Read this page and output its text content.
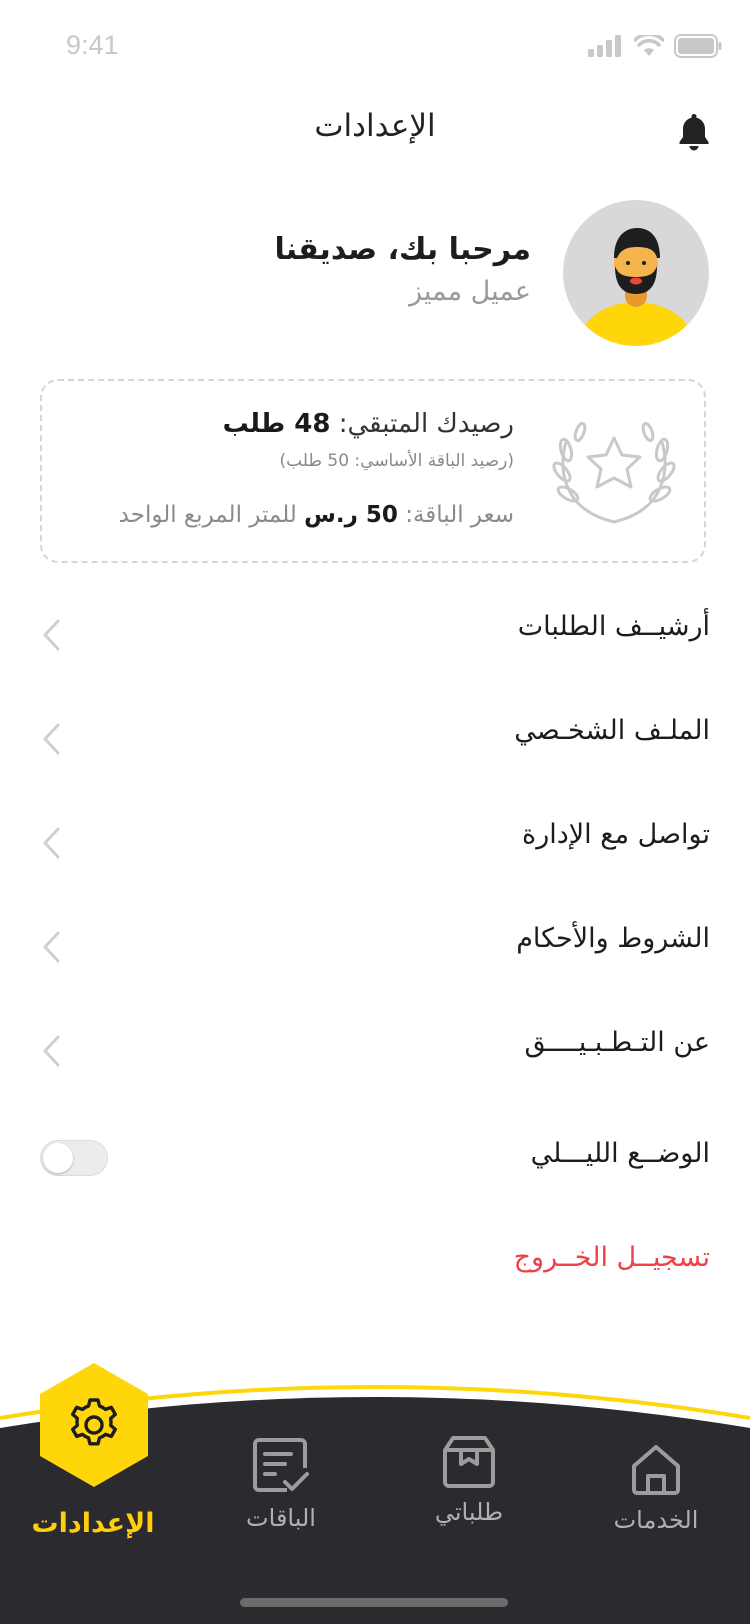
9:41
الإعدادات
مرحبا بك، صديقنا
عميل مميز
رصيدك المتبقي: 48 طلب
(رصيد الباقة الأساسي: 50 طلب)
سعر الباقة: 50 ر.س للمتر المربع الواحد
أرشيــف الطلبات
الملـف الشخـصي
تواصل مع الإدارة
الشروط والأحكام
عن التـطـبـيــــق
الوضــع الليـــلي
تسجيــل الخــروج
الإعدادات	الباقات	طلباتي	الخدمات
